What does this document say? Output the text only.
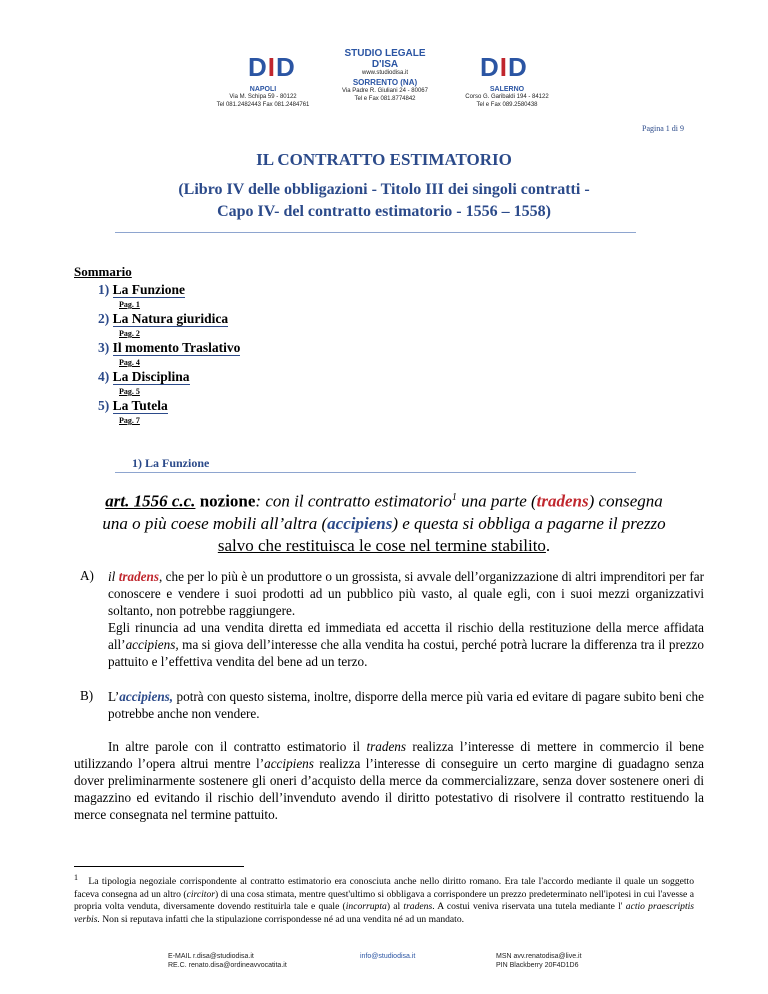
DID
NAPOLI
Via M. Schipa 59 - 80122
Tel 081.2482443 Fax 081.2484761
STUDIO LEGALE
D'ISA
www.studiodisa.it
SORRENTO (NA)
Via Padre R. Giuliani 24 - 80067
Tel e Fax 081.8774842
DID
SALERNO
Corso G. Garibaldi 194 - 84122
Tel e Fax 089.2580438
Pagina 1 di 9
IL CONTRATTO ESTIMATORIO
(Libro IV delle obbligazioni - Titolo III dei singoli contratti -
Capo IV- del contratto estimatorio - 1556 – 1558)
Sommario
1) La Funzione
Pag. 1
2) La Natura giuridica
Pag. 2
3) Il momento Traslativo
Pag. 4
4) La Disciplina
Pag. 5
5) La Tutela
Pag. 7
1) La Funzione
art. 1556 c.c. nozione: con il contratto estimatorio$^1$ una parte (tradens) consegna
una o più coese mobili all’altra (accipiens) e questa si obbliga a pagarne il prezzo
salvo che restituisca le cose nel termine stabilito.
A) il tradens, che per lo più è un produttore o un grossista, si avvale dell’organizzazione di altri imprenditori per far conoscere e vendere i suoi prodotti ad un pubblico più vasto, al quale egli, con i suoi mezzi organizzativi soltanto, non potrebbe raggiungere.
Egli rinuncia ad una vendita diretta ed immediata ed accetta il rischio della restituzione della merce affidata all’accipiens, ma si giova dell’interesse che alla vendita ha costui, perché potrà lucrare la differenza tra il prezzo pattuito e l’effettiva vendita del bene ad un terzo.
B) L’accipiens, potrà con questo sistema, inoltre, disporre della merce più varia ed evitare di pagare subito beni che potrebbe anche non vendere.
In altre parole con il contratto estimatorio il tradens realizza l’interesse di mettere in commercio il bene utilizzando l’opera altrui mentre l’accipiens realizza l’interesse di conseguire un certo margine di guadagno senza dover preliminarmente sostenere gli oneri d’acquisto della merce da commercializzare, senza dover sostenere oneri di magazzino ed evitando il rischio dell’invenduto avendo il diritto potestativo di risolvere il contratto restituendo la merce consegnata nel termine pattuito.
$^1$ La tipologia negoziale corrispondente al contratto estimatorio era conosciuta anche nello diritto romano. Era tale l'accordo mediante il quale un soggetto faceva consegna ad un altro (circitor) di una cosa stimata, mentre quest'ultimo si obbligava a corrispondere un prezzo predeterminato nell'ipotesi in cui l'avesse a propria volta venduta, diversamente dovendo restituirla tale e quale (incorrupta) al tradens. A costui veniva riservata una tutela mediante l' actio praescriptis verbis. Non si reputava infatti che la stipulazione corrispondesse né ad una vendita né ad un mandato.
E-MAIL r.disa@studiodisa.it
RE.C. renato.disa@ordineavvocatita.it
info@studiodisa.it	MSN avv.renatodisa@live.it
PIN Blackberry 20F4D1D6
